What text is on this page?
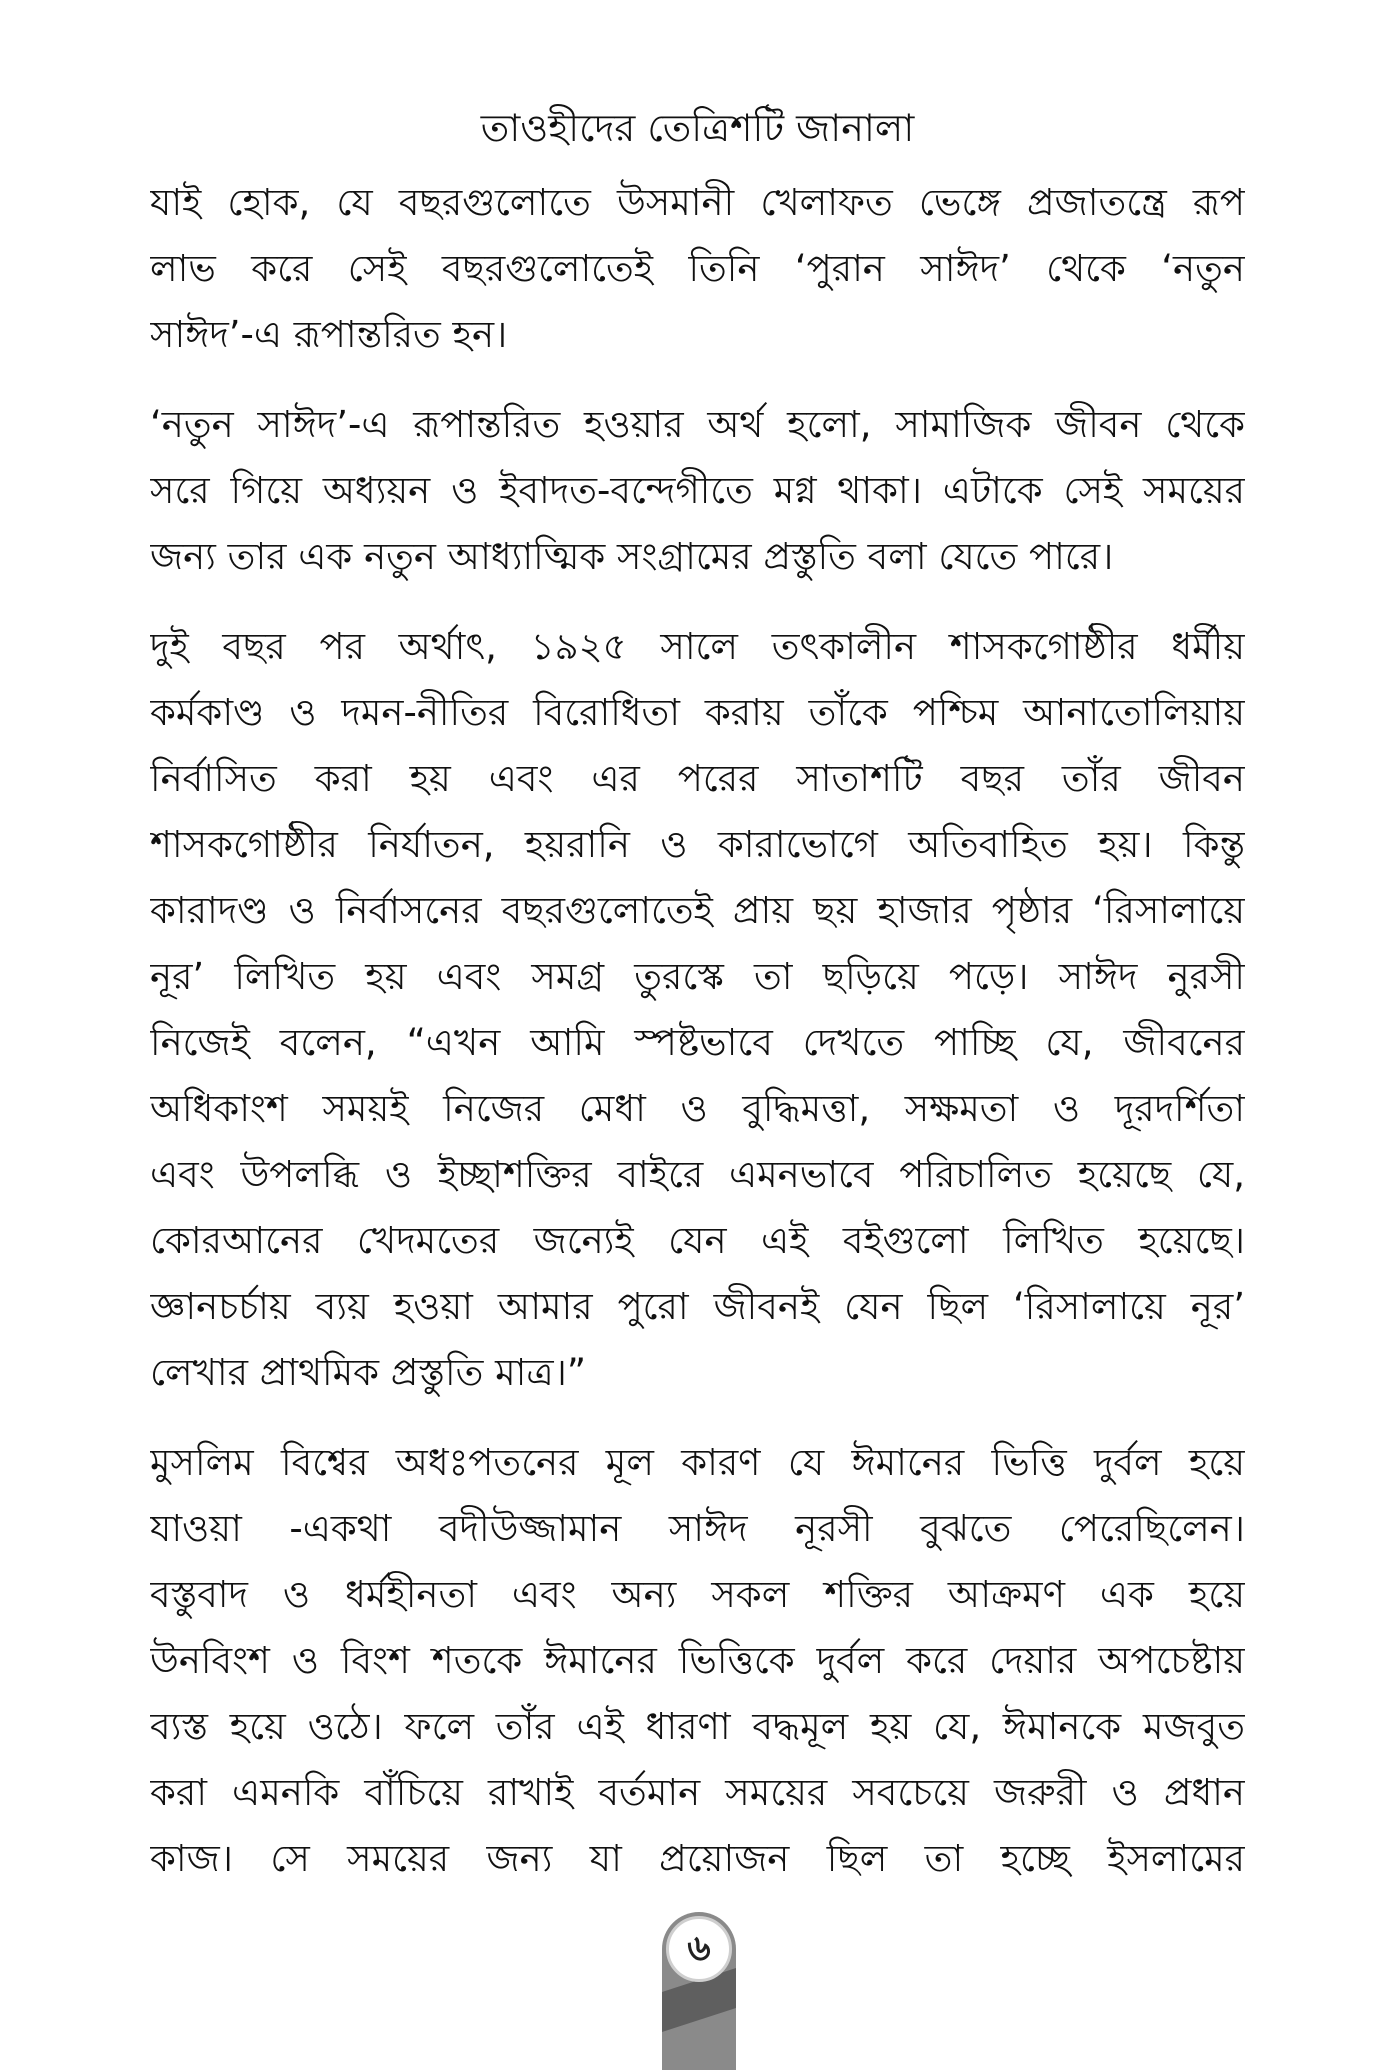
তাওহীদের তেত্রিশটি জানালা
যাই হোক, যে বছরগুলোতে উসমানী খেলাফত ভেঙ্গে প্রজাতন্ত্রে রূপ
লাভ করে সেই বছরগুলোতেই তিনি ‘পুরান সাঈদ’ থেকে ‘নতুন
সাঈদ’-এ রূপান্তরিত হন।
‘নতুন সাঈদ’-এ রূপান্তরিত হওয়ার অর্থ হলো, সামাজিক জীবন থেকে
সরে গিয়ে অধ্যয়ন ও ইবাদত-বন্দেগীতে মগ্ন থাকা। এটাকে সেই সময়ের
জন্য তার এক নতুন আধ্যাত্মিক সংগ্রামের প্রস্তুতি বলা যেতে পারে।
দুই বছর পর অর্থাৎ, ১৯২৫ সালে তৎকালীন শাসকগোষ্ঠীর ধর্মীয়
কর্মকাণ্ড ও দমন-নীতির বিরোধিতা করায় তাঁকে পশ্চিম আনাতোলিয়ায়
নির্বাসিত করা হয় এবং এর পরের সাতাশটি বছর তাঁর জীবন
শাসকগোষ্ঠীর নির্যাতন, হয়রানি ও কারাভোগে অতিবাহিত হয়। কিন্তু
কারাদণ্ড ও নির্বাসনের বছরগুলোতেই প্রায় ছয় হাজার পৃষ্ঠার ‘রিসালায়ে
নূর’ লিখিত হয় এবং সমগ্র তুরস্কে তা ছড়িয়ে পড়ে। সাঈদ নুরসী
নিজেই বলেন, “এখন আমি স্পষ্টভাবে দেখতে পাচ্ছি যে, জীবনের
অধিকাংশ সময়ই নিজের মেধা ও বুদ্ধিমত্তা, সক্ষমতা ও দূরদর্শিতা
এবং উপলব্ধি ও ইচ্ছাশক্তির বাইরে এমনভাবে পরিচালিত হয়েছে যে,
কোরআনের খেদমতের জন্যেই যেন এই বইগুলো লিখিত হয়েছে।
জ্ঞানচর্চায় ব্যয় হওয়া আমার পুরো জীবনই যেন ছিল ‘রিসালায়ে নূর’
লেখার প্রাথমিক প্রস্তুতি মাত্র।”
মুসলিম বিশ্বের অধঃপতনের মূল কারণ যে ঈমানের ভিত্তি দুর্বল হয়ে
যাওয়া -একথা বদীউজ্জামান সাঈদ নূরসী বুঝতে পেরেছিলেন।
বস্তুবাদ ও ধর্মহীনতা এবং অন্য সকল শক্তির আক্রমণ এক হয়ে
উনবিংশ ও বিংশ শতকে ঈমানের ভিত্তিকে দুর্বল করে দেয়ার অপচেষ্টায়
ব্যস্ত হয়ে ওঠে। ফলে তাঁর এই ধারণা বদ্ধমূল হয় যে, ঈমানকে মজবুত
করা এমনকি বাঁচিয়ে রাখাই বর্তমান সময়ের সবচেয়ে জরুরী ও প্রধান
কাজ। সে সময়ের জন্য যা প্রয়োজন ছিল তা হচ্ছে ইসলামের
৬
